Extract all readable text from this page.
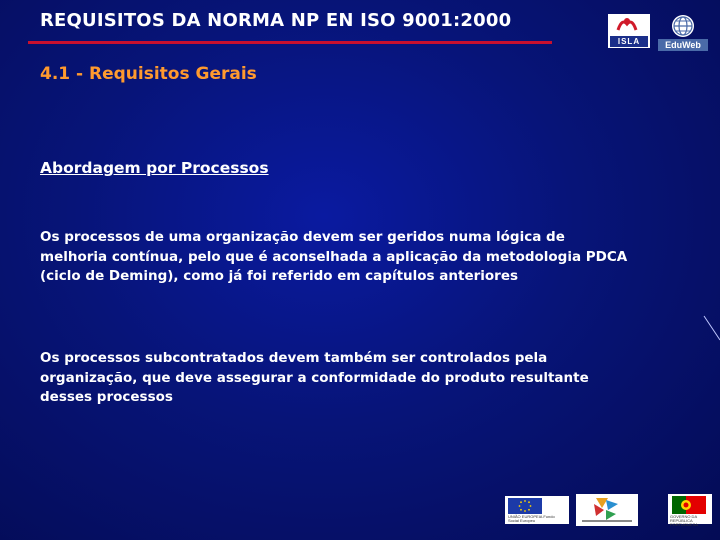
REQUISITOS DA NORMA NP EN ISO 9001:2000
ISLA	EduWeb
4.1 - Requisitos Gerais
Abordagem por Processos
Os processos de uma organização devem ser geridos numa lógica de melhoria contínua, pelo que é aconselhada a aplicação da metodologia PDCA (ciclo de Deming), como já foi referido em capítulos anteriores
Os processos subcontratados devem também ser controlados pela organização, que deve assegurar a conformidade do produto resultante desses processos
UNIÃO EUROPEIA Fundo Social Europeu
GOVERNO DA REPÚBLICA PORTUGUESA
